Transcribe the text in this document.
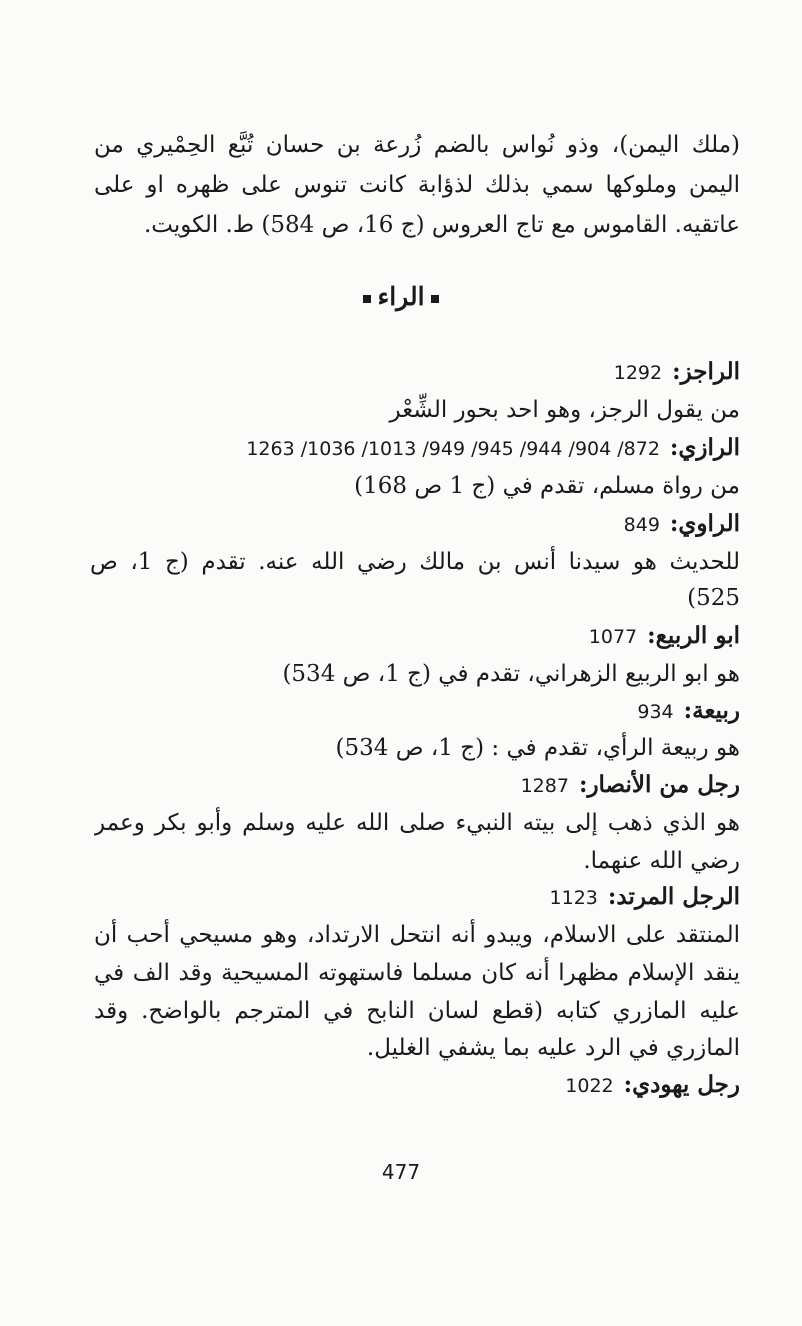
(ملك اليمن)، وذو نُواس بالضم زُرعة بن حسان تُبَّع الحِمْيري من
اليمن وملوكها سمي بذلك لذؤابة كانت تنوس على ظهره او على
عاتقيه. القاموس مع تاج العروس (ج 16، ص 584) ط. الكويت.
الراء
الراجز:1292
من يقول الرجز، وهو احد بحور الشِّعْر
الرازي:872/ 904/ 944/ 945/ 949/ 1013/ 1036/ 1263
من رواة مسلم، تقدم في (ج 1 ص 168)
الراوي:849
للحديث هو سيدنا أنس بن مالك رضي الله عنه. تقدم (ج 1، ص
525)
ابو الربيع:1077
هو ابو الربيع الزهراني، تقدم في (ج 1، ص 534)
ربيعة:934
هو ربيعة الرأي، تقدم في : (ج 1، ص 534)
رجل من الأنصار:1287
هو الذي ذهب إلى بيته النبيء صلى الله عليه وسلم وأبو بكر وعمر
رضي الله عنهما.
الرجل المرتد:1123
المنتقد على الاسلام، ويبدو أنه انتحل الارتداد، وهو مسيحي أحب أن
ينقد الإسلام مظهرا أنه كان مسلما فاستهوته المسيحية وقد الف في
عليه المازري كتابه (قطع لسان النابح في المترجم بالواضح. وقد
المازري في الرد عليه بما يشفي الغليل.
رجل يهودي:1022
477
